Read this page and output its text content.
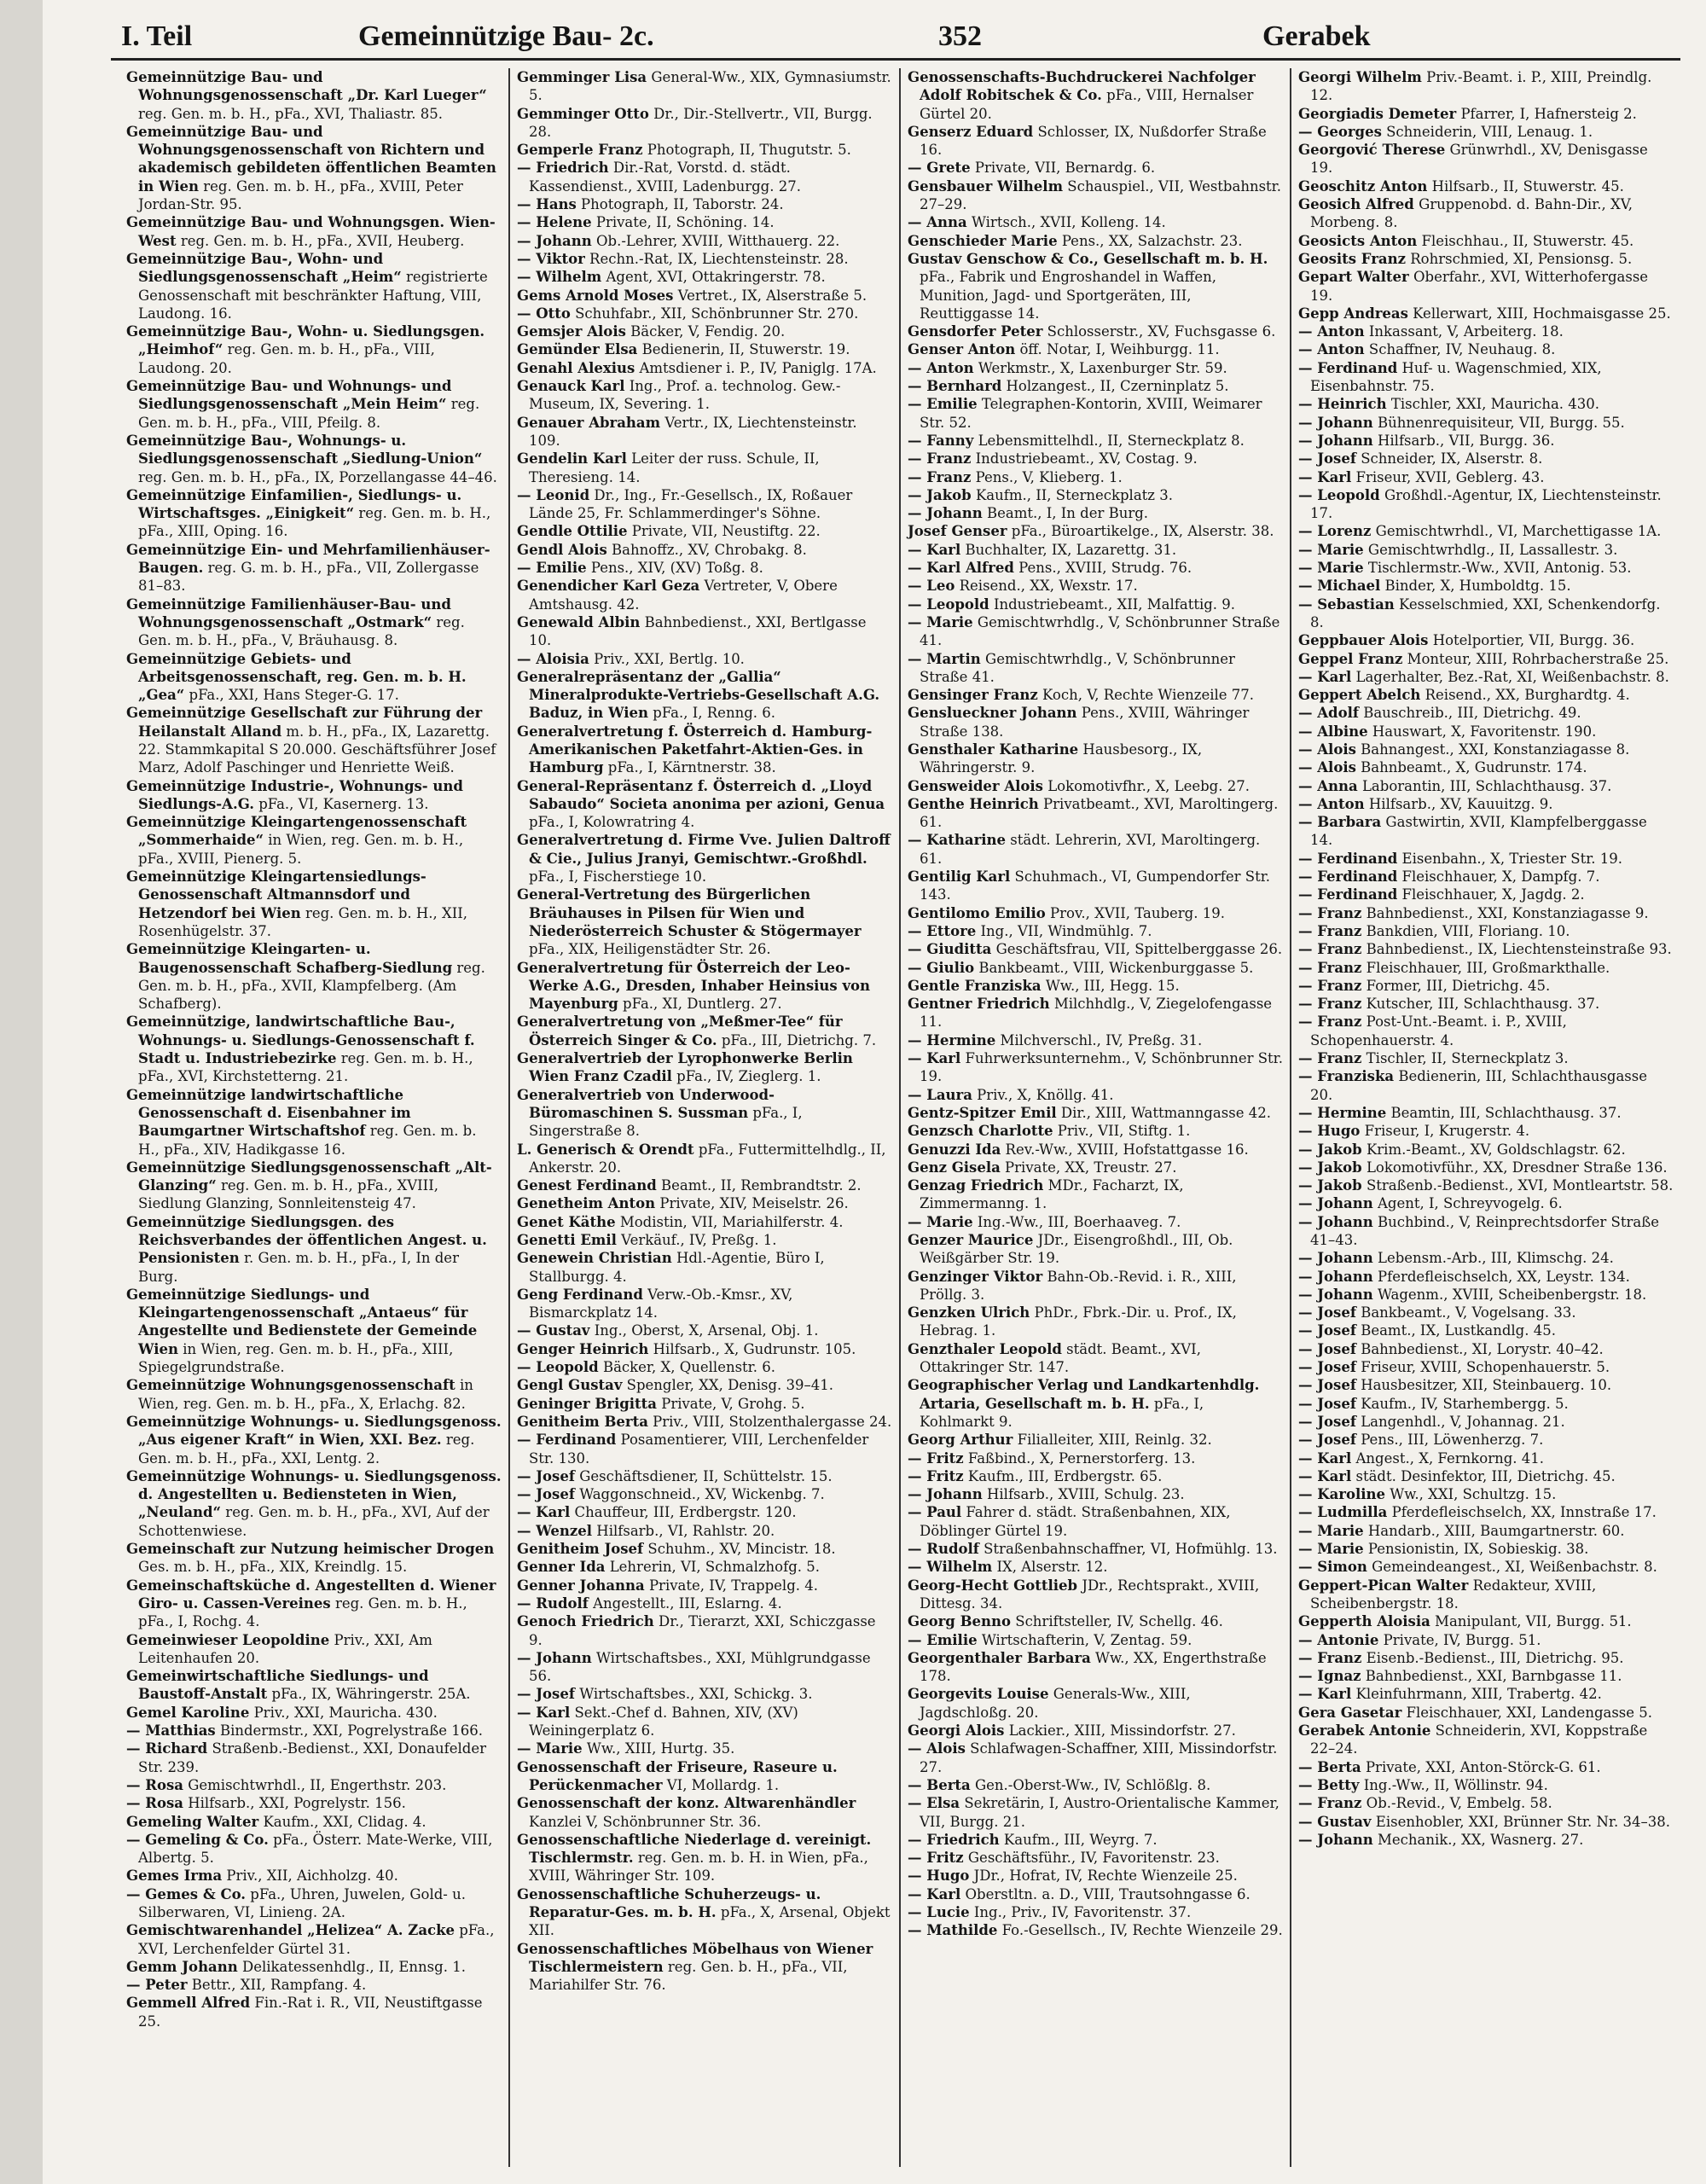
I. Teil	Gemeinnützige Bau- 2c.	352	Gerabek

Gemeinnützige Bau- und Wohnungsgenossenschaft „Dr. Karl Lueger“ reg. Gen. m. b. H., pFa., XVI, Thaliastr. 85.

Gemeinnützige Bau- und Wohnungsgenossenschaft von Richtern und akademisch gebildeten öffentlichen Beamten in Wien reg. Gen. m. b. H., pFa., XVIII, Peter Jordan-Str. 95.

Gemeinnützige Bau- und Wohnungsgen. Wien-West reg. Gen. m. b. H., pFa., XVII, Heuberg.

Gemeinnützige Bau-, Wohn- und Siedlungsgenossenschaft „Heim“ registrierte Genossenschaft mit beschränkter Haftung, VIII, Laudong. 16.

Gemeinnützige Bau-, Wohn- u. Siedlungsgen. „Heimhof“ reg. Gen. m. b. H., pFa., VIII, Laudong. 20.

Gemeinnützige Bau- und Wohnungs- und Siedlungsgenossenschaft „Mein Heim“ reg. Gen. m. b. H., pFa., VIII, Pfeilg. 8.

Gemeinnützige Bau-, Wohnungs- u. Siedlungsgenossenschaft „Siedlung-Union“ reg. Gen. m. b. H., pFa., IX, Porzellangasse 44–46.

Gemeinnützige Einfamilien-, Siedlungs- u. Wirtschaftsges. „Einigkeit“ reg. Gen. m. b. H., pFa., XIII, Oping. 16.

Gemeinnützige Ein- und Mehrfamilienhäuser-Baugen. reg. G. m. b. H., pFa., VII, Zollergasse 81–83.

Gemeinnützige Familienhäuser-Bau- und Wohnungsgenossenschaft „Ostmark“ reg. Gen. m. b. H., pFa., V, Bräuhausg. 8.

Gemeinnützige Gebiets- und Arbeitsgenossenschaft, reg. Gen. m. b. H. „Gea“ pFa., XXI, Hans Steger-G. 17.

Gemeinnützige Gesellschaft zur Führung der Heilanstalt Alland m. b. H., pFa., IX, Lazarettg. 22. Stammkapital S 20.000. Geschäftsführer Josef Marz, Adolf Paschinger und Henriette Weiß.

Gemeinnützige Industrie-, Wohnungs- und Siedlungs-A.G. pFa., VI, Kasernerg. 13.

Gemeinnützige Kleingartengenossenschaft „Sommerhaide“ in Wien, reg. Gen. m. b. H., pFa., XVIII, Pienerg. 5.

Gemeinnützige Kleingartensiedlungs-Genossenschaft Altmannsdorf und Hetzendorf bei Wien reg. Gen. m. b. H., XII, Rosenhügelstr. 37.

Gemeinnützige Kleingarten- u. Baugenossenschaft Schafberg-Siedlung reg. Gen. m. b. H., pFa., XVII, Klampfelberg. (Am Schafberg).

Gemeinnützige, landwirtschaftliche Bau-, Wohnungs- u. Siedlungs-Genossenschaft f. Stadt u. Industriebezirke reg. Gen. m. b. H., pFa., XVI, Kirchstetterng. 21.

Gemeinnützige landwirtschaftliche Genossenschaft d. Eisenbahner im Baumgartner Wirtschaftshof reg. Gen. m. b. H., pFa., XIV, Hadikgasse 16.

Gemeinnützige Siedlungsgenossenschaft „Alt-Glanzing“ reg. Gen. m. b. H., pFa., XVIII, Siedlung Glanzing, Sonnleitensteig 47.

Gemeinnützige Siedlungsgen. des Reichsverbandes der öffentlichen Angest. u. Pensionisten r. Gen. m. b. H., pFa., I, In der Burg.

Gemeinnützige Siedlungs- und Kleingartengenossenschaft „Antaeus“ für Angestellte und Bedienstete der Gemeinde Wien in Wien, reg. Gen. m. b. H., pFa., XIII, Spiegelgrundstraße.

Gemeinnützige Wohnungsgenossenschaft in Wien, reg. Gen. m. b. H., pFa., X, Erlachg. 82.

Gemeinnützige Wohnungs- u. Siedlungsgenoss. „Aus eigener Kraft“ in Wien, XXI. Bez. reg. Gen. m. b. H., pFa., XXI, Lentg. 2.

Gemeinnützige Wohnungs- u. Siedlungsgenoss. d. Angestellten u. Bediensteten in Wien, „Neuland“ reg. Gen. m. b. H., pFa., XVI, Auf der Schottenwiese.

Gemeinschaft zur Nutzung heimischer Drogen Ges. m. b. H., pFa., XIX, Kreindlg. 15.

Gemeinschaftsküche d. Angestellten d. Wiener Giro- u. Cassen-Vereines reg. Gen. m. b. H., pFa., I, Rochg. 4.

Gemeinwieser Leopoldine Priv., XXI, Am Leitenhaufen 20.

Gemeinwirtschaftliche Siedlungs- und Baustoff-Anstalt pFa., IX, Währingerstr. 25A.

Gemel Karoline Priv., XXI, Mauricha. 430.

— Matthias Bindermstr., XXI, Pogrelystraße 166.

— Richard Straßenb.-Bedienst., XXI, Donaufelder Str. 239.

— Rosa Gemischtwrhdl., II, Engerthstr. 203.

— Rosa Hilfsarb., XXI, Pogrelystr. 156.

Gemeling Walter Kaufm., XXI, Clidag. 4.

— Gemeling & Co. pFa., Österr. Mate-Werke, VIII, Albertg. 5.

Gemes Irma Priv., XII, Aichholzg. 40.

— Gemes & Co. pFa., Uhren, Juwelen, Gold- u. Silberwaren, VI, Linieng. 2A.

Gemischtwarenhandel „Helizea“ A. Zacke pFa., XVI, Lerchenfelder Gürtel 31.

Gemm Johann Delikatessenhdlg., II, Ennsg. 1.

— Peter Bettr., XII, Rampfang. 4.

Gemmell Alfred Fin.-Rat i. R., VII, Neustiftgasse 25.

Gemminger Lisa General-Ww., XIX, Gymnasiumstr. 5.

Gemminger Otto Dr., Dir.-Stellvertr., VII, Burgg. 28.

Gemperle Franz Photograph, II, Thugutstr. 5.

— Friedrich Dir.-Rat, Vorstd. d. städt. Kassendienst., XVIII, Ladenburgg. 27.

— Hans Photograph, II, Taborstr. 24.

— Helene Private, II, Schöning. 14.

— Johann Ob.-Lehrer, XVIII, Witthauerg. 22.

— Viktor Rechn.-Rat, IX, Liechtensteinstr. 28.

— Wilhelm Agent, XVI, Ottakringerstr. 78.

Gems Arnold Moses Vertret., IX, Alserstraße 5.

— Otto Schuhfabr., XII, Schönbrunner Str. 270.

Gemsjer Alois Bäcker, V, Fendig. 20.

Gemünder Elsa Bedienerin, II, Stuwerstr. 19.

Genahl Alexius Amtsdiener i. P., IV, Paniglg. 17A.

Genauck Karl Ing., Prof. a. technolog. Gew.-Museum, IX, Severing. 1.

Genauer Abraham Vertr., IX, Liechtensteinstr. 109.

Gendelin Karl Leiter der russ. Schule, II, Theresieng. 14.

— Leonid Dr., Ing., Fr.-Gesellsch., IX, Roßauer Lände 25, Fr. Schlammerdinger's Söhne.

Gendle Ottilie Private, VII, Neustiftg. 22.

Gendl Alois Bahnoffz., XV, Chrobakg. 8.

— Emilie Pens., XIV, (XV) Toßg. 8.

Genendicher Karl Geza Vertreter, V, Obere Amtshausg. 42.

Genewald Albin Bahnbedienst., XXI, Bertlgasse 10.

— Aloisia Priv., XXI, Bertlg. 10.

Generalrepräsentanz der „Gallia“ Mineralprodukte-Vertriebs-Gesellschaft A.G. Baduz, in Wien pFa., I, Renng. 6.

Generalvertretung f. Österreich d. Hamburg-Amerikanischen Paketfahrt-Aktien-Ges. in Hamburg pFa., I, Kärntnerstr. 38.

General-Repräsentanz f. Österreich d. „Lloyd Sabaudo“ Societa anonima per azioni, Genua pFa., I, Kolowratring 4.

Generalvertretung d. Firme Vve. Julien Daltroff & Cie., Julius Jranyi, Gemischtwr.-Großhdl. pFa., I, Fischerstiege 10.

General-Vertretung des Bürgerlichen Bräuhauses in Pilsen für Wien und Niederösterreich Schuster & Stögermayer pFa., XIX, Heiligenstädter Str. 26.

Generalvertretung für Österreich der Leo-Werke A.G., Dresden, Inhaber Heinsius von Mayenburg pFa., XI, Duntlerg. 27.

Generalvertretung von „Meßmer-Tee“ für Österreich Singer & Co. pFa., III, Dietrichg. 7.

Generalvertrieb der Lyrophonwerke Berlin Wien Franz Czadil pFa., IV, Zieglerg. 1.

Generalvertrieb von Underwood-Büromaschinen S. Sussman pFa., I, Singerstraße 8.

L. Generisch & Orendt pFa., Futtermittelhdlg., II, Ankerstr. 20.

Genest Ferdinand Beamt., II, Rembrandtstr. 2.

Genetheim Anton Private, XIV, Meiselstr. 26.

Genet Käthe Modistin, VII, Mariahilferstr. 4.

Genetti Emil Verkäuf., IV, Preßg. 1.

Genewein Christian Hdl.-Agentie, Büro I, Stallburgg. 4.

Geng Ferdinand Verw.-Ob.-Kmsr., XV, Bismarckplatz 14.

— Gustav Ing., Oberst, X, Arsenal, Obj. 1.

Genger Heinrich Hilfsarb., X, Gudrunstr. 105.

— Leopold Bäcker, X, Quellenstr. 6.

Gengl Gustav Spengler, XX, Denisg. 39–41.

Geninger Brigitta Private, V, Grohg. 5.

Genitheim Berta Priv., VIII, Stolzenthalergasse 24.

— Ferdinand Posamentierer, VIII, Lerchenfelder Str. 130.

— Josef Geschäftsdiener, II, Schüttelstr. 15.

— Josef Waggonschneid., XV, Wickenbg. 7.

— Karl Chauffeur, III, Erdbergstr. 120.

— Wenzel Hilfsarb., VI, Rahlstr. 20.

Genitheim Josef Schuhm., XV, Mincistr. 18.

Genner Ida Lehrerin, VI, Schmalzhofg. 5.

Genner Johanna Private, IV, Trappelg. 4.

— Rudolf Angestellt., III, Eslarng. 4.

Genoch Friedrich Dr., Tierarzt, XXI, Schiczgasse 9.

— Johann Wirtschaftsbes., XXI, Mühlgrundgasse 56.

— Josef Wirtschaftsbes., XXI, Schickg. 3.

— Karl Sekt.-Chef d. Bahnen, XIV, (XV) Weiningerplatz 6.

— Marie Ww., XIII, Hurtg. 35.

Genossenschaft der Friseure, Raseure u. Perückenmacher VI, Mollardg. 1.

Genossenschaft der konz. Altwarenhändler Kanzlei V, Schönbrunner Str. 36.

Genossenschaftliche Niederlage d. vereinigt. Tischlermstr. reg. Gen. m. b. H. in Wien, pFa., XVIII, Währinger Str. 109.

Genossenschaftliche Schuherzeugs- u. Reparatur-Ges. m. b. H. pFa., X, Arsenal, Objekt XII.

Genossenschaftliches Möbelhaus von Wiener Tischlermeistern reg. Gen. b. H., pFa., VII, Mariahilfer Str. 76.

Genossenschafts-Buchdruckerei Nachfolger Adolf Robitschek & Co. pFa., VIII, Hernalser Gürtel 20.

Genserz Eduard Schlosser, IX, Nußdorfer Straße 16.

— Grete Private, VII, Bernardg. 6.

Gensbauer Wilhelm Schauspiel., VII, Westbahnstr. 27–29.

— Anna Wirtsch., XVII, Kolleng. 14.

Genschieder Marie Pens., XX, Salzachstr. 23.

Gustav Genschow & Co., Gesellschaft m. b. H. pFa., Fabrik und Engroshandel in Waffen, Munition, Jagd- und Sportgeräten, III, Reuttiggasse 14.

Gensdorfer Peter Schlosserstr., XV, Fuchsgasse 6.

Genser Anton öff. Notar, I, Weihburgg. 11.

— Anton Werkmstr., X, Laxenburger Str. 59.

— Bernhard Holzangest., II, Czerninplatz 5.

— Emilie Telegraphen-Kontorin, XVIII, Weimarer Str. 52.

— Fanny Lebensmittelhdl., II, Sterneckplatz 8.

— Franz Industriebeamt., XV, Costag. 9.

— Franz Pens., V, Klieberg. 1.

— Jakob Kaufm., II, Sterneckplatz 3.

— Johann Beamt., I, In der Burg.

Josef Genser pFa., Büroartikelge., IX, Alserstr. 38.

— Karl Buchhalter, IX, Lazarettg. 31.

— Karl Alfred Pens., XVIII, Strudg. 76.

— Leo Reisend., XX, Wexstr. 17.

— Leopold Industriebeamt., XII, Malfattig. 9.

— Marie Gemischtwrhdlg., V, Schönbrunner Straße 41.

— Martin Gemischtwrhdlg., V, Schönbrunner Straße 41.

Gensinger Franz Koch, V, Rechte Wienzeile 77.

Genslueckner Johann Pens., XVIII, Währinger Straße 138.

Gensthaler Katharine Hausbesorg., IX, Währingerstr. 9.

Gensweider Alois Lokomotivfhr., X, Leebg. 27.

Genthe Heinrich Privatbeamt., XVI, Maroltingerg. 61.

— Katharine städt. Lehrerin, XVI, Maroltingerg. 61.

Gentilig Karl Schuhmach., VI, Gumpendorfer Str. 143.

Gentilomo Emilio Prov., XVII, Tauberg. 19.

— Ettore Ing., VII, Windmühlg. 7.

— Giuditta Geschäftsfrau, VII, Spittelberggasse 26.

— Giulio Bankbeamt., VIII, Wickenburggasse 5.

Gentle Franziska Ww., III, Hegg. 15.

Gentner Friedrich Milchhdlg., V, Ziegelofengasse 11.

— Hermine Milchverschl., IV, Preßg. 31.

— Karl Fuhrwerksunternehm., V, Schönbrunner Str. 19.

— Laura Priv., X, Knöllg. 41.

Gentz-Spitzer Emil Dir., XIII, Wattmanngasse 42.

Genzsch Charlotte Priv., VII, Stiftg. 1.

Genuzzi Ida Rev.-Ww., XVIII, Hofstattgasse 16.

Genz Gisela Private, XX, Treustr. 27.

Genzag Friedrich MDr., Facharzt, IX, Zimmermanng. 1.

— Marie Ing.-Ww., III, Boerhaaveg. 7.

Genzer Maurice JDr., Eisengroßhdl., III, Ob. Weißgärber Str. 19.

Genzinger Viktor Bahn-Ob.-Revid. i. R., XIII, Pröllg. 3.

Genzken Ulrich PhDr., Fbrk.-Dir. u. Prof., IX, Hebrag. 1.

Genzthaler Leopold städt. Beamt., XVI, Ottakringer Str. 147.

Geographischer Verlag und Landkartenhdlg. Artaria, Gesellschaft m. b. H. pFa., I, Kohlmarkt 9.

Georg Arthur Filialleiter, XIII, Reinlg. 32.

— Fritz Faßbind., X, Pernerstorferg. 13.

— Fritz Kaufm., III, Erdbergstr. 65.

— Johann Hilfsarb., XVIII, Schulg. 23.

— Paul Fahrer d. städt. Straßenbahnen, XIX, Döblinger Gürtel 19.

— Rudolf Straßenbahnschaffner, VI, Hofmühlg. 13.

— Wilhelm IX, Alserstr. 12.

Georg-Hecht Gottlieb JDr., Rechtsprakt., XVIII, Dittesg. 34.

Georg Benno Schriftsteller, IV, Schellg. 46.

— Emilie Wirtschafterin, V, Zentag. 59.

Georgenthaler Barbara Ww., XX, Engerthstraße 178.

Georgevits Louise Generals-Ww., XIII, Jagdschloßg. 20.

Georgi Alois Lackier., XIII, Missindorfstr. 27.

— Alois Schlafwagen-Schaffner, XIII, Missindorfstr. 27.

— Berta Gen.-Oberst-Ww., IV, Schlößlg. 8.

— Elsa Sekretärin, I, Austro-Orientalische Kammer, VII, Burgg. 21.

— Friedrich Kaufm., III, Weyrg. 7.

— Fritz Geschäftsführ., IV, Favoritenstr. 23.

— Hugo JDr., Hofrat, IV, Rechte Wienzeile 25.

— Karl Oberstltn. a. D., VIII, Trautsohngasse 6.

— Lucie Ing., Priv., IV, Favoritenstr. 37.

— Mathilde Fo.-Gesellsch., IV, Rechte Wienzeile 29.

Georgi Wilhelm Priv.-Beamt. i. P., XIII, Preindlg. 12.

Georgiadis Demeter Pfarrer, I, Hafnersteig 2.

— Georges Schneiderin, VIII, Lenaug. 1.

Georgović Therese Grünwrhdl., XV, Denisgasse 19.

Geoschitz Anton Hilfsarb., II, Stuwerstr. 45.

Geosich Alfred Gruppenobd. d. Bahn-Dir., XV, Morbeng. 8.

Geosicts Anton Fleischhau., II, Stuwerstr. 45.

Geosits Franz Rohrschmied, XI, Pensionsg. 5.

Gepart Walter Oberfahr., XVI, Witterhofergasse 19.

Gepp Andreas Kellerwart, XIII, Hochmaisgasse 25.

— Anton Inkassant, V, Arbeiterg. 18.

— Anton Schaffner, IV, Neuhaug. 8.

— Ferdinand Huf- u. Wagenschmied, XIX, Eisenbahnstr. 75.

— Heinrich Tischler, XXI, Mauricha. 430.

— Johann Bühnenrequisiteur, VII, Burgg. 55.

— Johann Hilfsarb., VII, Burgg. 36.

— Josef Schneider, IX, Alserstr. 8.

— Karl Friseur, XVII, Geblerg. 43.

— Leopold Großhdl.-Agentur, IX, Liechtensteinstr. 17.

— Lorenz Gemischtwrhdl., VI, Marchettigasse 1A.

— Marie Gemischtwrhdlg., II, Lassallestr. 3.

— Marie Tischlermstr.-Ww., XVII, Antonig. 53.

— Michael Binder, X, Humboldtg. 15.

— Sebastian Kesselschmied, XXI, Schenkendorfg. 8.

Geppbauer Alois Hotelportier, VII, Burgg. 36.

Geppel Franz Monteur, XIII, Rohrbacherstraße 25.

— Karl Lagerhalter, Bez.-Rat, XI, Weißenbachstr. 8.

Geppert Abelch Reisend., XX, Burghardtg. 4.

— Adolf Bauschreib., III, Dietrichg. 49.

— Albine Hauswart, X, Favoritenstr. 190.

— Alois Bahnangest., XXI, Konstanziagasse 8.

— Alois Bahnbeamt., X, Gudrunstr. 174.

— Anna Laborantin, III, Schlachthausg. 37.

— Anton Hilfsarb., XV, Kauuitzg. 9.

— Barbara Gastwirtin, XVII, Klampfelberggasse 14.

— Ferdinand Eisenbahn., X, Triester Str. 19.

— Ferdinand Fleischhauer, X, Dampfg. 7.

— Ferdinand Fleischhauer, X, Jagdg. 2.

— Franz Bahnbedienst., XXI, Konstanziagasse 9.

— Franz Bankdien, VIII, Floriang. 10.

— Franz Bahnbedienst., IX, Liechtensteinstraße 93.

— Franz Fleischhauer, III, Großmarkthalle.

— Franz Former, III, Dietrichg. 45.

— Franz Kutscher, III, Schlachthausg. 37.

— Franz Post-Unt.-Beamt. i. P., XVIII, Schopenhauerstr. 4.

— Franz Tischler, II, Sterneckplatz 3.

— Franziska Bedienerin, III, Schlachthausgasse 20.

— Hermine Beamtin, III, Schlachthausg. 37.

— Hugo Friseur, I, Krugerstr. 4.

— Jakob Krim.-Beamt., XV, Goldschlagstr. 62.

— Jakob Lokomotivführ., XX, Dresdner Straße 136.

— Jakob Straßenb.-Bedienst., XVI, Montleartstr. 58.

— Johann Agent, I, Schreyvogelg. 6.

— Johann Buchbind., V, Reinprechtsdorfer Straße 41–43.

— Johann Lebensm.-Arb., III, Klimschg. 24.

— Johann Pferdefleischselch, XX, Leystr. 134.

— Johann Wagenm., XVIII, Scheibenbergstr. 18.

— Josef Bankbeamt., V, Vogelsang. 33.

— Josef Beamt., IX, Lustkandlg. 45.

— Josef Bahnbedienst., XI, Lorystr. 40–42.

— Josef Friseur, XVIII, Schopenhauerstr. 5.

— Josef Hausbesitzer, XII, Steinbauerg. 10.

— Josef Kaufm., IV, Starhembergg. 5.

— Josef Langenhdl., V, Johannag. 21.

— Josef Pens., III, Löwenherzg. 7.

— Karl Angest., X, Fernkorng. 41.

— Karl städt. Desinfektor, III, Dietrichg. 45.

— Karoline Ww., XXI, Schultzg. 15.

— Ludmilla Pferdefleischselch, XX, Innstraße 17.

— Marie Handarb., XIII, Baumgartnerstr. 60.

— Marie Pensionistin, IX, Sobieskig. 38.

— Simon Gemeindeangest., XI, Weißenbachstr. 8.

Geppert-Pican Walter Redakteur, XVIII, Scheibenbergstr. 18.

Gepperth Aloisia Manipulant, VII, Burgg. 51.

— Antonie Private, IV, Burgg. 51.

— Franz Eisenb.-Bedienst., III, Dietrichg. 95.

— Ignaz Bahnbedienst., XXI, Barnbgasse 11.

— Karl Kleinfuhrmann, XIII, Trabertg. 42.

Gera Gasetar Fleischhauer, XXI, Landengasse 5.

Gerabek Antonie Schneiderin, XVI, Koppstraße 22–24.

— Berta Private, XXI, Anton-Störck-G. 61.

— Betty Ing.-Ww., II, Wöllinstr. 94.

— Franz Ob.-Revid., V, Embelg. 58.

— Gustav Eisenhobler, XXI, Brünner Str. Nr. 34–38.

— Johann Mechanik., XX, Wasnerg. 27.
